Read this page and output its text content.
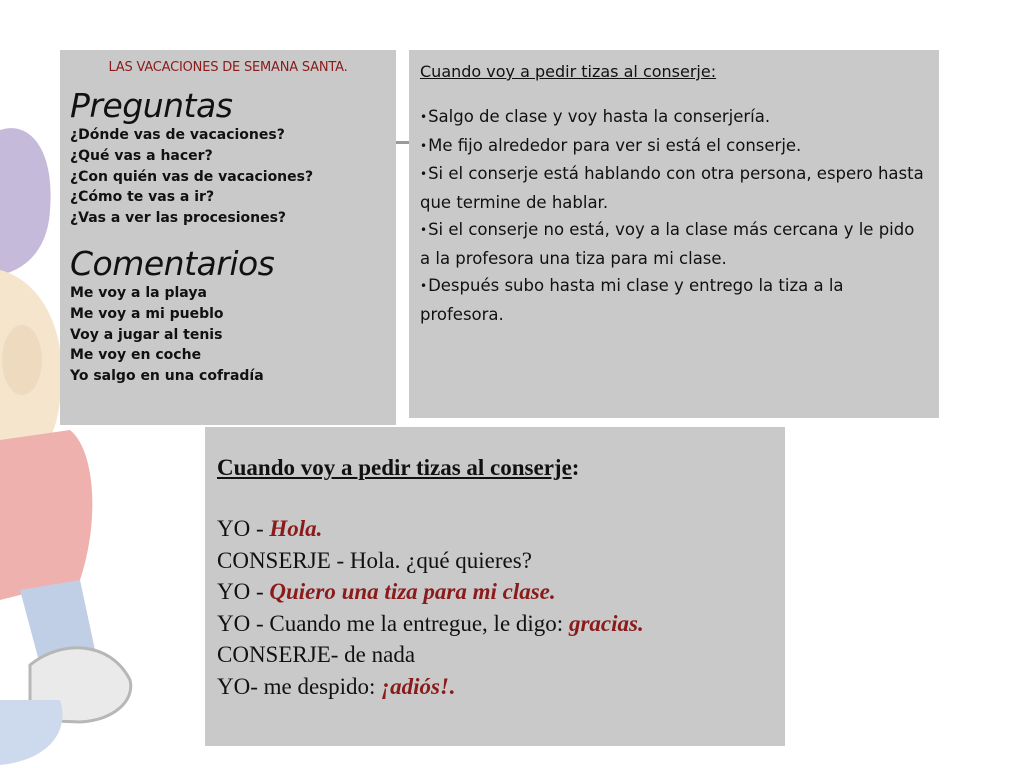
LAS VACACIONES DE SEMANA SANTA.
Preguntas
¿Dónde vas de vacaciones?
¿Qué vas a hacer?
¿Con quién vas de vacaciones?
¿Cómo te vas a ir?
¿Vas a ver las procesiones?
Comentarios
Me voy a la playa
Me voy a mi pueblo
Voy a jugar al tenis
Me voy en coche
Yo salgo en una cofradía
Cuando voy a pedir tizas al conserje:
•Salgo de clase y voy hasta la conserjería.
•Me fijo alrededor para ver si está el conserje.
•Si el conserje está hablando con otra persona, espero hasta que termine de hablar.
•Si el conserje no está, voy a la clase más cercana y le pido a la profesora una tiza para mi clase.
•Después subo hasta mi clase y entrego la tiza a la profesora.
Cuando voy a pedir tizas al conserje:
YO - Hola.
CONSERJE - Hola. ¿qué quieres?
YO - Quiero una tiza para mi clase.
YO - Cuando me la entregue, le digo: gracias.
CONSERJE- de nada
YO- me despido: ¡adiós!.
